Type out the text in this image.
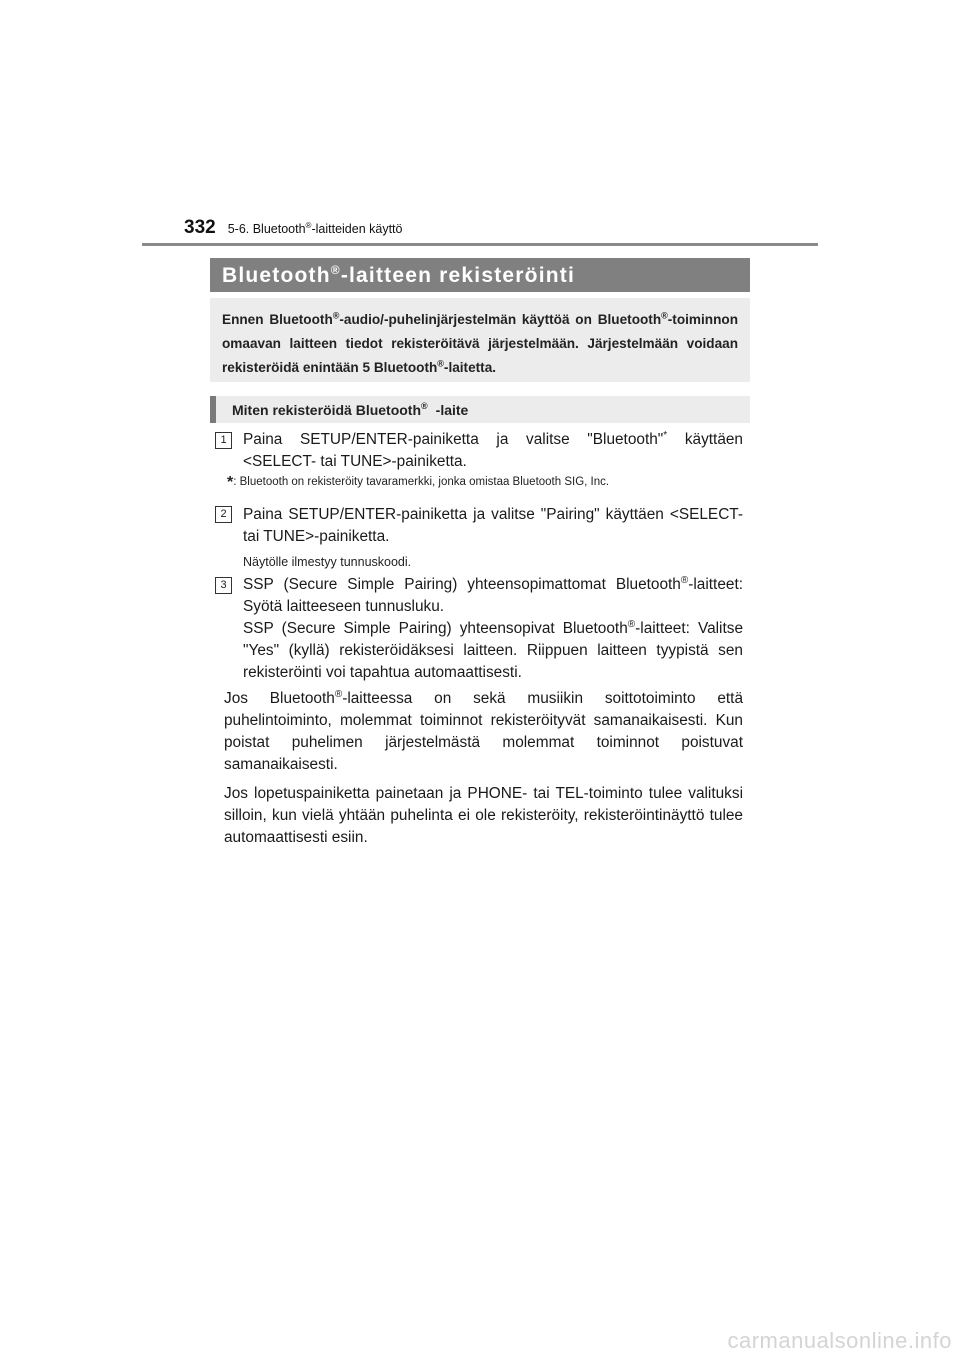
332 5-6. Bluetooth®-laitteiden käyttö
Bluetooth®-laitteen rekisteröinti

Ennen Bluetooth®-audio/-puhelinjärjestelmän käyttöä on Bluetooth®-toiminnon omaavan laitteen tiedot rekisteröitävä järjestelmään. Järjestelmään voidaan rekisteröidä enintään 5 Bluetooth®-laitetta.

Miten rekisteröidä Bluetooth® -laite
1	Paina SETUP/ENTER-painiketta ja valitse "Bluetooth"* käyttäen <SELECT- tai TUNE>-painiketta.
*: Bluetooth on rekisteröity tavaramerkki, jonka omistaa Bluetooth SIG, Inc.
2	Paina SETUP/ENTER-painiketta ja valitse "Pairing" käyttäen <SELECT- tai TUNE>-painiketta.
Näytölle ilmestyy tunnuskoodi.
3	SSP (Secure Simple Pairing) yhteensopimattomat Bluetooth®-laitteet: Syötä laitteeseen tunnusluku.
SSP (Secure Simple Pairing) yhteensopivat Bluetooth®-laitteet: Valitse "Yes" (kyllä) rekisteröidäksesi laitteen. Riippuen laitteen tyypistä sen rekisteröinti voi tapahtua automaattisesti.
Jos Bluetooth®-laitteessa on sekä musiikin soittotoiminto että puhelintoiminto, molemmat toiminnot rekisteröityvät samanaikaisesti. Kun poistat puhelimen järjestelmästä molemmat toiminnot poistuvat samanaikaisesti.
Jos lopetuspainiketta painetaan ja PHONE- tai TEL-toiminto tulee valituksi silloin, kun vielä yhtään puhelinta ei ole rekisteröity, rekisteröintinäyttö tulee automaattisesti esiin.
carmanualsonline.info
